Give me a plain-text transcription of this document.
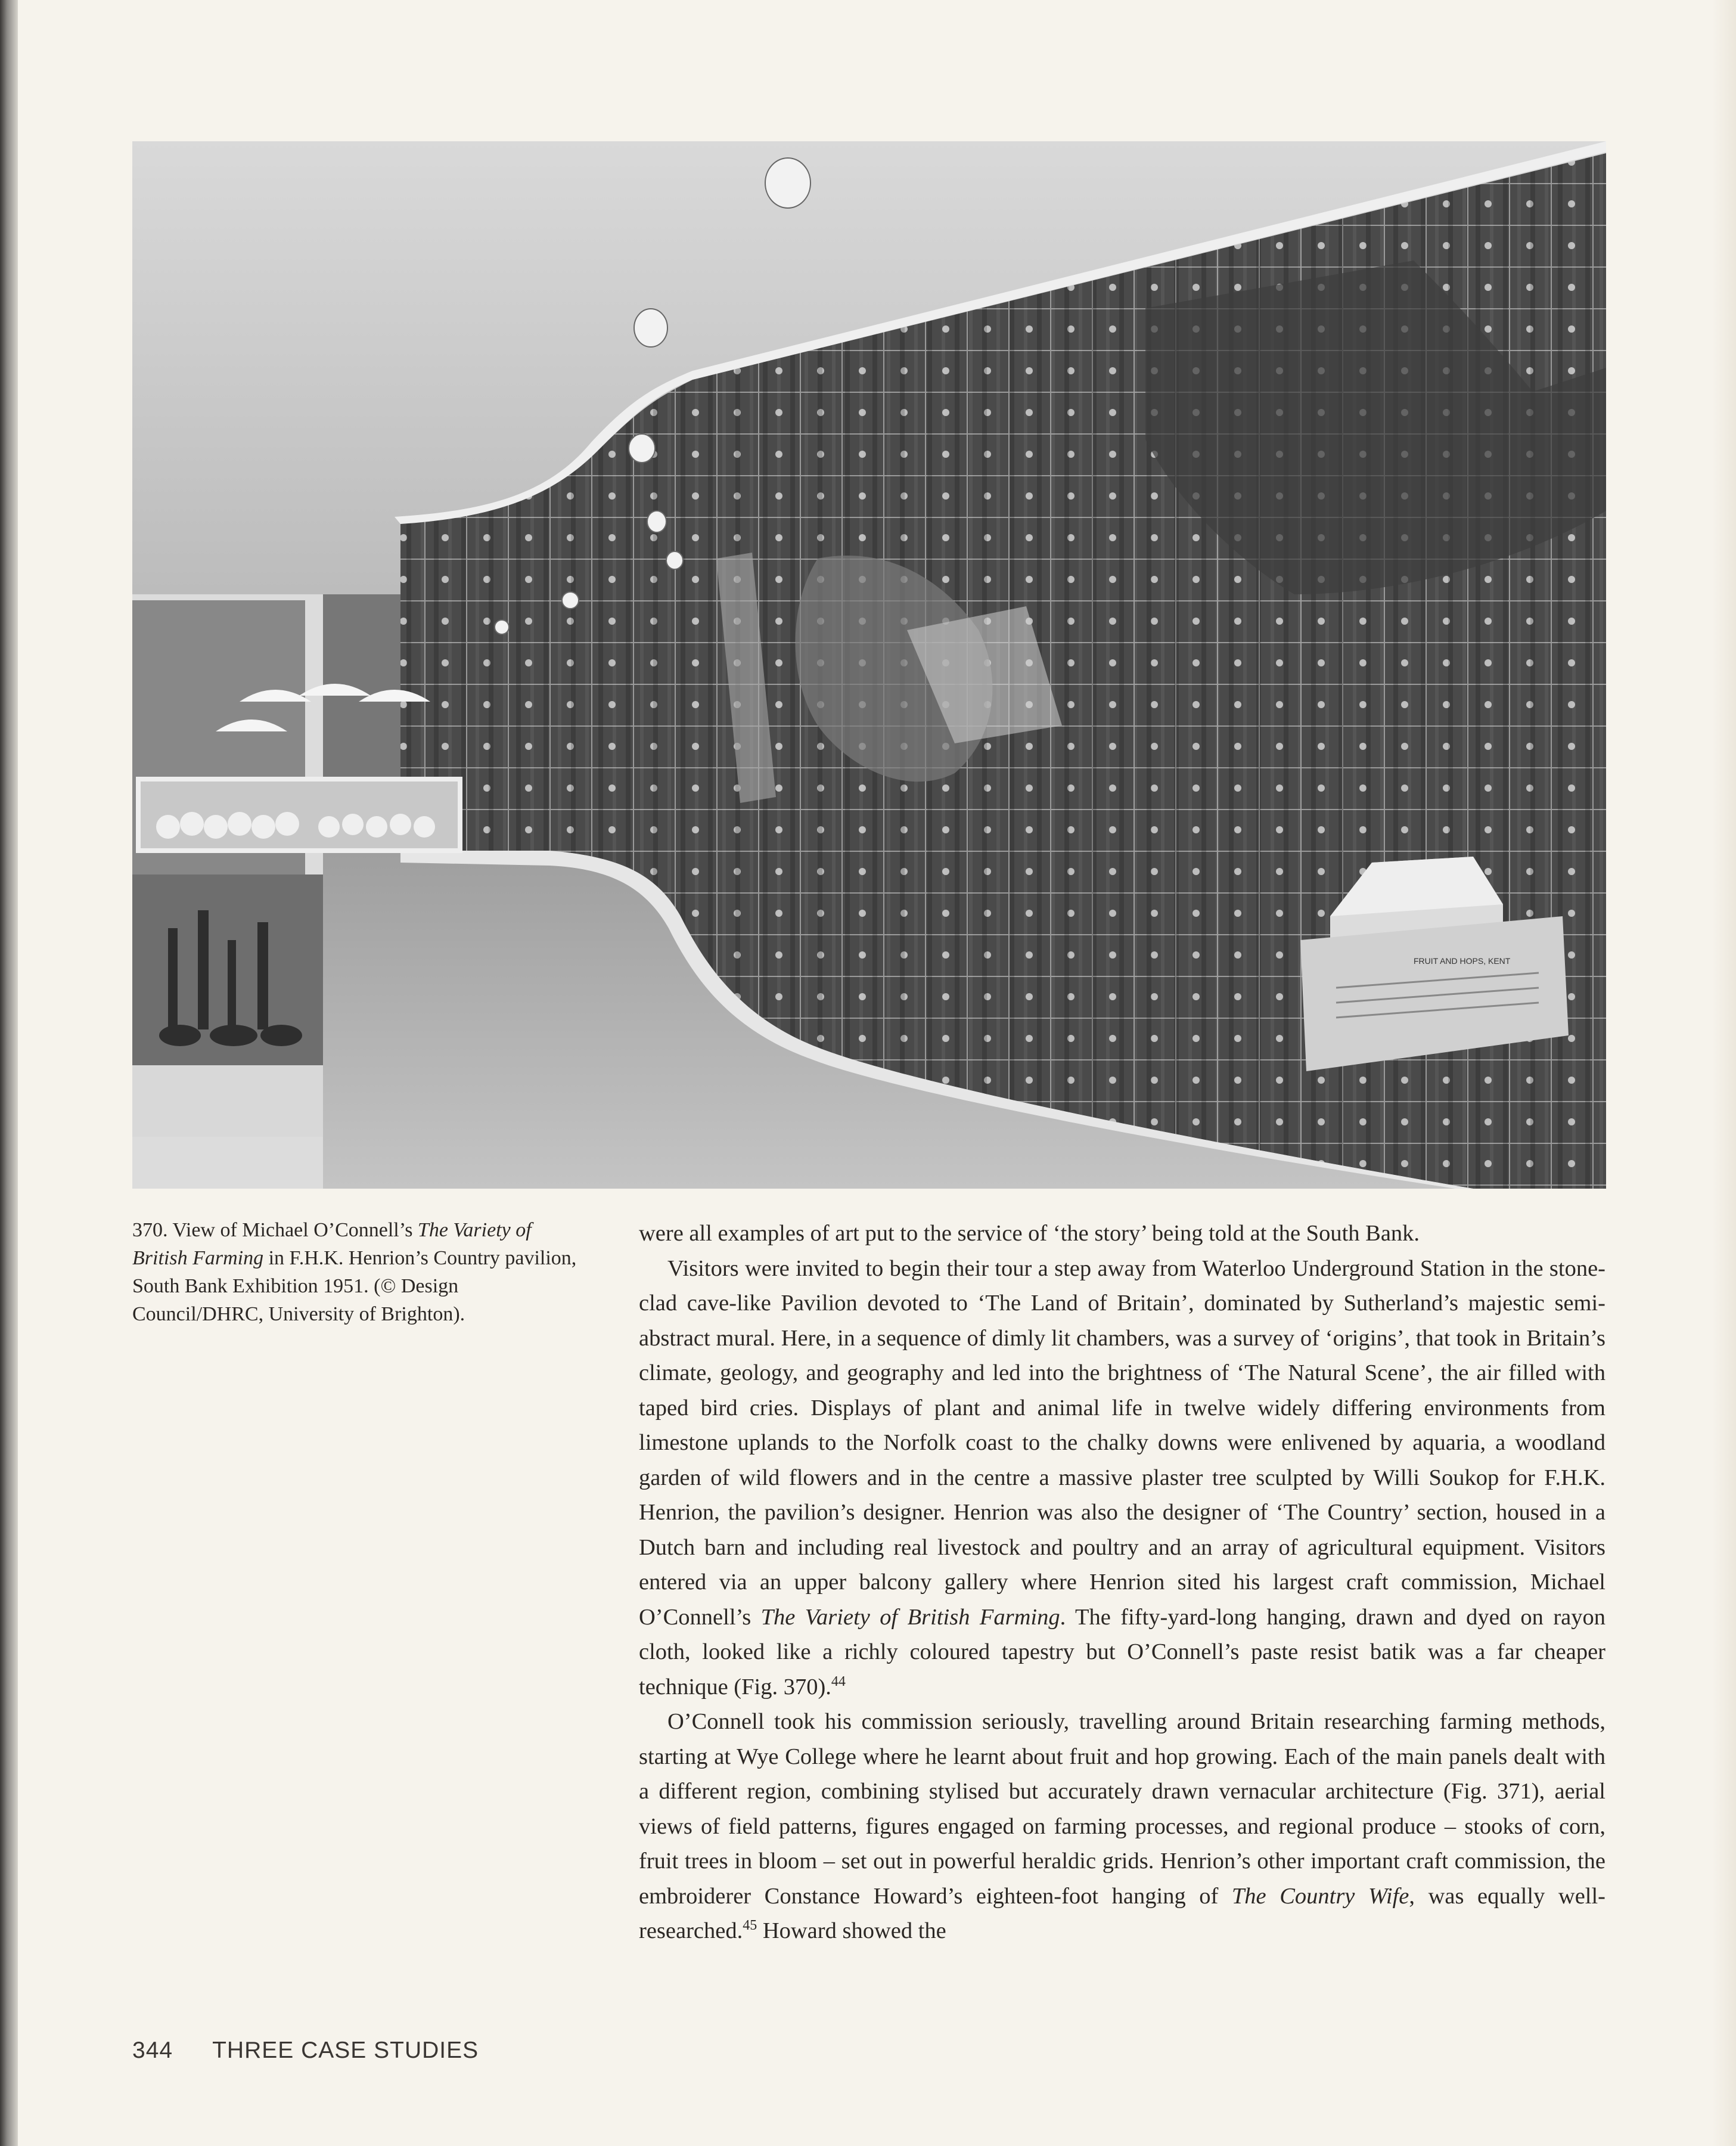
FRUIT AND HOPS, KENT
370. View of Michael O’Connell’s The Variety of British Farming in F.H.K. Henrion’s Country pavilion, South Bank Exhibition 1951. (© Design Council/DHRC, University of Brighton).

were all examples of art put to the service of ‘the story’ being told at the South Bank.

Visitors were invited to begin their tour a step away from Waterloo Underground Station in the stone-clad cave-like Pavilion devoted to ‘The Land of Britain’, dominated by Sutherland’s majestic semi-abstract mural. Here, in a sequence of dimly lit chambers, was a survey of ‘origins’, that took in Britain’s climate, geology, and geography and led into the brightness of ‘The Natural Scene’, the air filled with taped bird cries. Displays of plant and animal life in twelve widely differing environments from limestone uplands to the Norfolk coast to the chalky downs were enlivened by aquaria, a woodland garden of wild flowers and in the centre a massive plaster tree sculpted by Willi Soukop for F.H.K. Henrion, the pavilion’s designer. Henrion was also the designer of ‘The Country’ section, housed in a Dutch barn and including real livestock and poultry and an array of agricultural equipment. Visitors entered via an upper balcony gallery where Henrion sited his largest craft commission, Michael O’Connell’s The Variety of British Farming. The fifty-yard-long hanging, drawn and dyed on rayon cloth, looked like a richly coloured tapestry but O’Connell’s paste resist batik was a far cheaper technique (Fig. 370).$^{44}$

O’Connell took his commission seriously, travelling around Britain researching farming methods, starting at Wye College where he learnt about fruit and hop growing. Each of the main panels dealt with a different region, combining stylised but accurately drawn vernacular architecture (Fig. 371), aerial views of field patterns, figures engaged on farming processes, and regional produce – stooks of corn, fruit trees in bloom – set out in powerful heraldic grids. Henrion’s other important craft commission, the embroiderer Constance Howard’s eighteen-foot hanging of The Country Wife, was equally well-researched.$^{45}$ Howard showed the

344 THREE CASE STUDIES
